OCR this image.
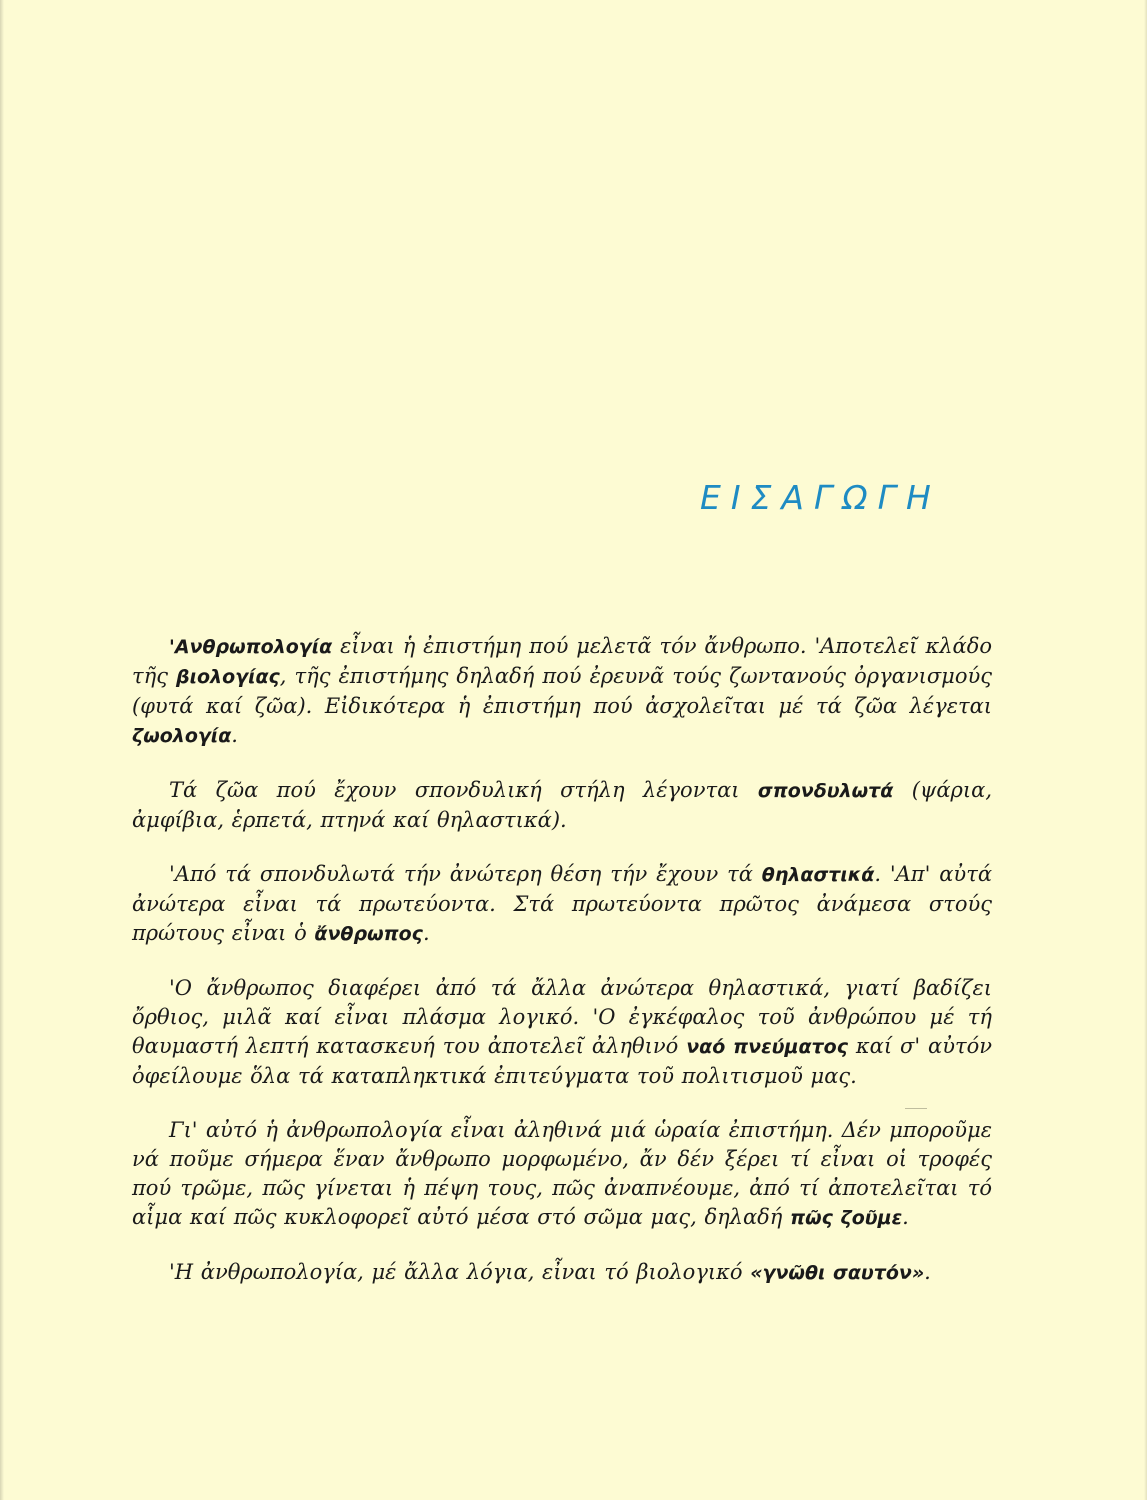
ΕΙΣΑΓΩΓΗ

'Ανθρωπολογία εἶναι ἡ ἐπιστήμη πού μελετᾶ τόν ἄνθρωπο. 'Αποτελεῖ κλάδο τῆς βιολογίας, τῆς ἐπιστήμης δηλαδή πού ἐρευνᾶ τούς ζωντανούς ὀργανισμούς (φυτά καί ζῶα). Εἰδικότερα ἡ ἐπιστήμη πού ἀσχολεῖται μέ τά ζῶα λέγεται ζωολογία.

Τά ζῶα πού ἔχουν σπονδυλική στήλη λέγονται σπονδυλωτά (ψάρια, ἀμφίβια, ἑρπετά, πτηνά καί θηλαστικά).

'Από τά σπονδυλωτά τήν ἀνώτερη θέση τήν ἔχουν τά θηλαστικά. 'Απ' αὐτά ἀνώτερα εἶναι τά πρωτεύοντα. Στά πρωτεύοντα πρῶτος ἀνάμεσα στούς πρώτους εἶναι ὁ ἄνθρωπος.

'Ο ἄνθρωπος διαφέρει ἀπό τά ἄλλα ἀνώτερα θηλαστικά, γιατί βαδίζει ὄρθιος, μιλᾶ καί εἶναι πλάσμα λογικό. 'Ο ἐγκέφαλος τοῦ ἀνθρώπου μέ τή θαυμαστή λεπτή κατασκευή του ἀποτελεῖ ἀληθινό ναό πνεύματος καί σ' αὐτόν ὀφείλουμε ὅλα τά καταπληκτικά ἐπιτεύγματα τοῦ πολιτισμοῦ μας.

Γι' αὐτό ἡ ἀνθρωπολογία εἶναι ἀληθινά μιά ὡραία ἐπιστήμη. Δέν μποροῦμε νά ποῦμε σήμερα ἕναν ἄνθρωπο μορφωμένο, ἄν δέν ξέρει τί εἶναι οἱ τροφές πού τρῶμε, πῶς γίνεται ἡ πέψη τους, πῶς ἀναπνέουμε, ἀπό τί ἀποτελεῖται τό αἷμα καί πῶς κυκλοφορεῖ αὐτό μέσα στό σῶμα μας, δηλαδή πῶς ζοῦμε.

'Η ἀνθρωπολογία, μέ ἄλλα λόγια, εἶναι τό βιολογικό «γνῶθι σαυτόν».
